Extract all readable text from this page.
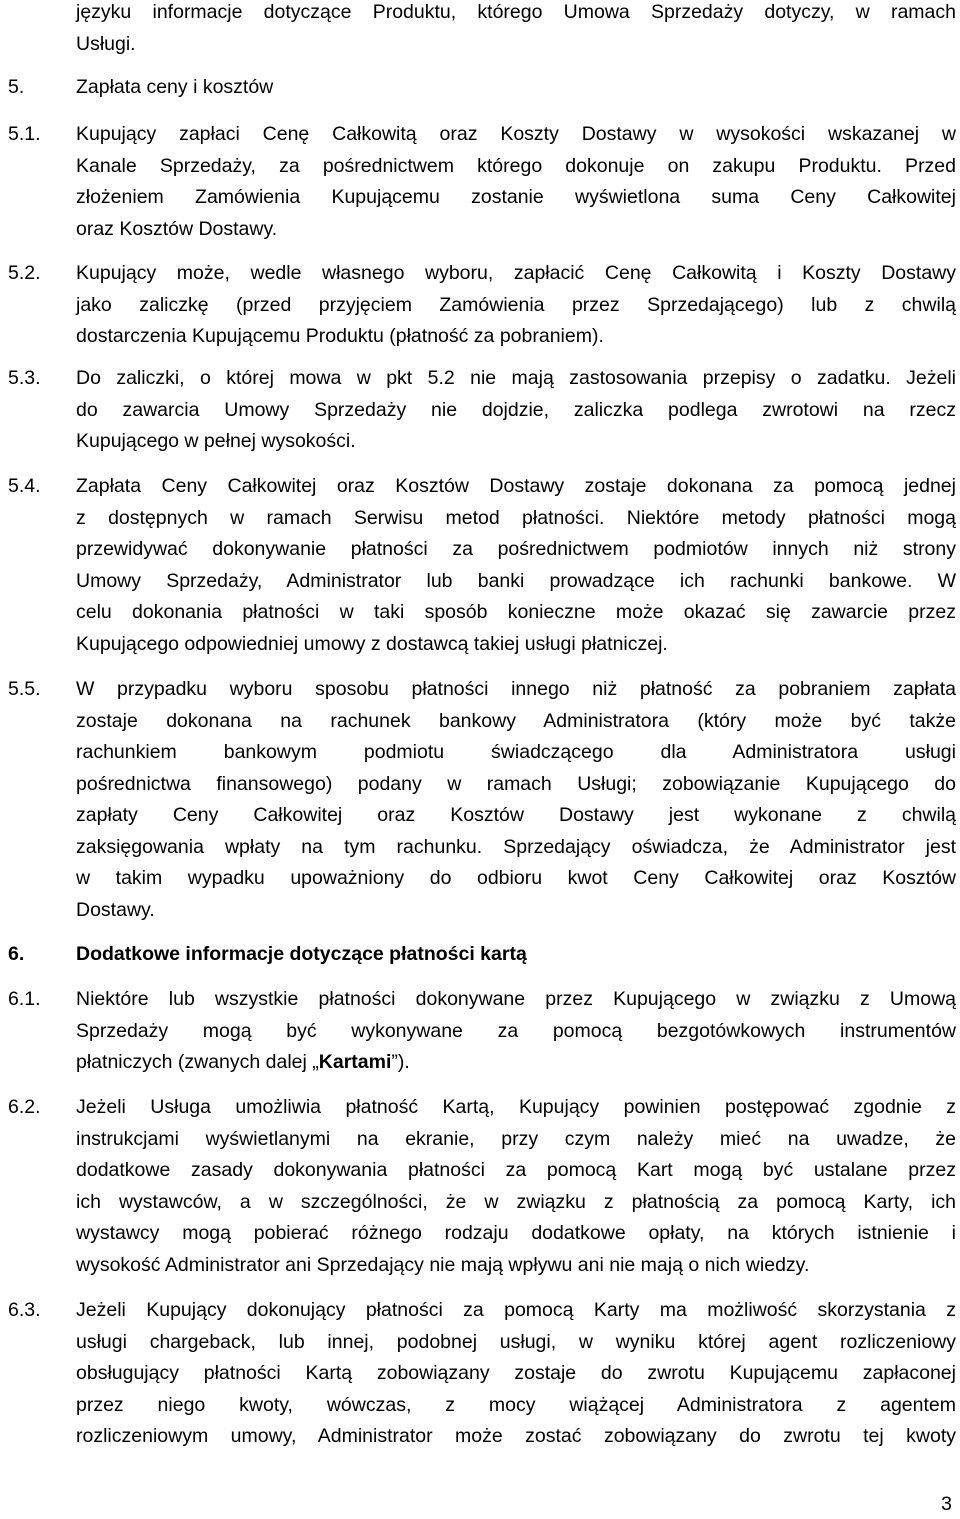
języku informacje dotyczące Produktu, którego Umowa Sprzedaży dotyczy, w ramach
Usługi.
5.	Zapłata ceny i kosztów
5.1. Kupujący zapłaci Cenę Całkowitą oraz Koszty Dostawy w wysokości wskazanej w
Kanale Sprzedaży, za pośrednictwem którego dokonuje on zakupu Produktu. Przed
złożeniem Zamówienia Kupującemu zostanie wyświetlona suma Ceny Całkowitej
oraz Kosztów Dostawy.
5.2. Kupujący może, wedle własnego wyboru, zapłacić Cenę Całkowitą i Koszty Dostawy
jako zaliczkę (przed przyjęciem Zamówienia przez Sprzedającego) lub z chwilą
dostarczenia Kupującemu Produktu (płatność za pobraniem).
5.3. Do zaliczki, o której mowa w pkt 5.2 nie mają zastosowania przepisy o zadatku. Jeżeli
do zawarcia Umowy Sprzedaży nie dojdzie, zaliczka podlega zwrotowi na rzecz
Kupującego w pełnej wysokości.
5.4. Zapłata Ceny Całkowitej oraz Kosztów Dostawy zostaje dokonana za pomocą jednej
z dostępnych w ramach Serwisu metod płatności. Niektóre metody płatności mogą
przewidywać dokonywanie płatności za pośrednictwem podmiotów innych niż strony
Umowy Sprzedaży, Administrator lub banki prowadzące ich rachunki bankowe. W
celu dokonania płatności w taki sposób konieczne może okazać się zawarcie przez
Kupującego odpowiedniej umowy z dostawcą takiej usługi płatniczej.
5.5. W przypadku wyboru sposobu płatności innego niż płatność za pobraniem zapłata
zostaje dokonana na rachunek bankowy Administratora (który może być także
rachunkiem bankowym podmiotu świadczącego dla Administratora usługi
pośrednictwa finansowego) podany w ramach Usługi; zobowiązanie Kupującego do
zapłaty Ceny Całkowitej oraz Kosztów Dostawy jest wykonane z chwilą
zaksięgowania wpłaty na tym rachunku. Sprzedający oświadcza, że Administrator jest
w takim wypadku upoważniony do odbioru kwot Ceny Całkowitej oraz Kosztów
Dostawy.
6.	Dodatkowe informacje dotyczące płatności kartą
6.1. Niektóre lub wszystkie płatności dokonywane przez Kupującego w związku z Umową
Sprzedaży mogą być wykonywane za pomocą bezgotówkowych instrumentów
płatniczych (zwanych dalej „Kartami”).
6.2. Jeżeli Usługa umożliwia płatność Kartą, Kupujący powinien postępować zgodnie z
instrukcjami wyświetlanymi na ekranie, przy czym należy mieć na uwadze, że
dodatkowe zasady dokonywania płatności za pomocą Kart mogą być ustalane przez
ich wystawców, a w szczególności, że w związku z płatnością za pomocą Karty, ich
wystawcy mogą pobierać różnego rodzaju dodatkowe opłaty, na których istnienie i
wysokość Administrator ani Sprzedający nie mają wpływu ani nie mają o nich wiedzy.
6.3. Jeżeli Kupujący dokonujący płatności za pomocą Karty ma możliwość skorzystania z
usługi chargeback, lub innej, podobnej usługi, w wyniku której agent rozliczeniowy
obsługujący płatności Kartą zobowiązany zostaje do zwrotu Kupującemu zapłaconej
przez niego kwoty, wówczas, z mocy wiążącej Administratora z agentem
rozliczeniowym umowy, Administrator może zostać zobowiązany do zwrotu tej kwoty
3
